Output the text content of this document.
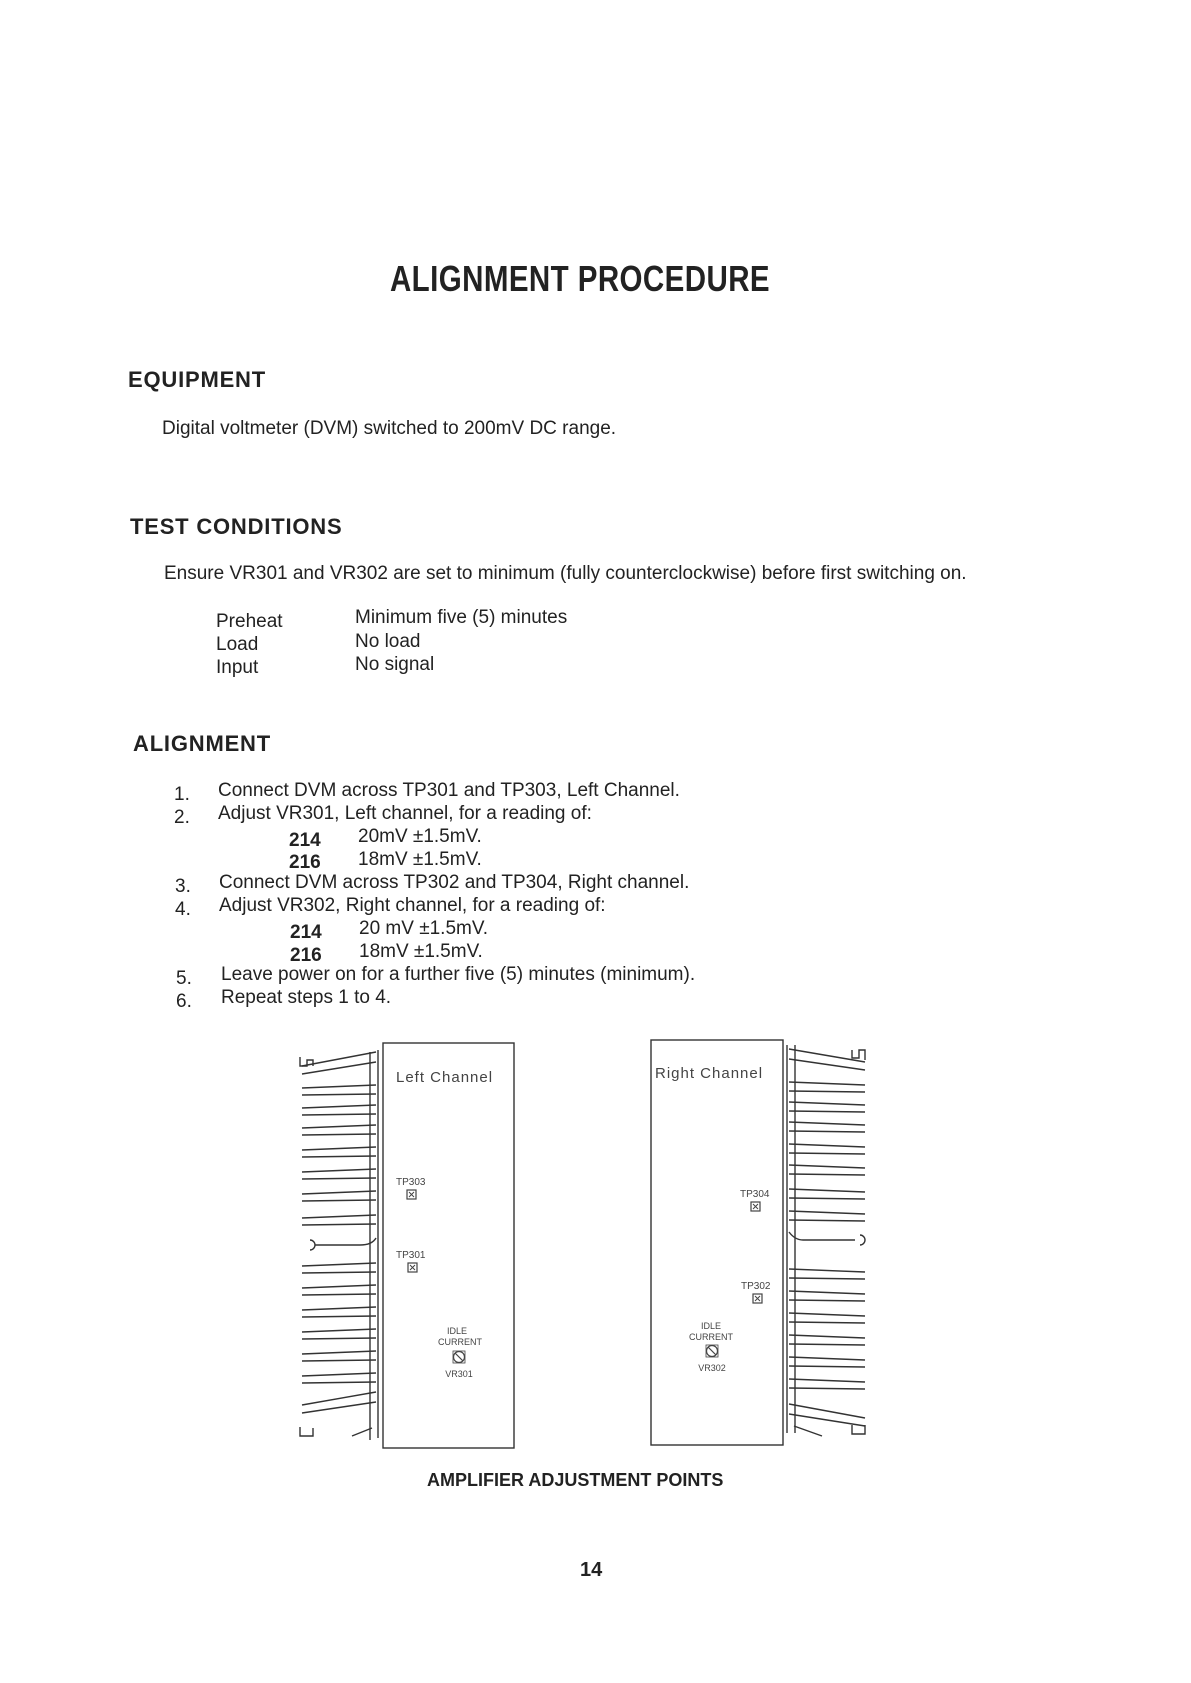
ALIGNMENT PROCEDURE
EQUIPMENT
Digital voltmeter (DVM) switched to 200mV DC range.
TEST CONDITIONS
Ensure VR301 and VR302 are set to minimum (fully counterclockwise) before first switching on.
Preheat	Minimum five (5) minutes
Load	No load
Input	No signal
ALIGNMENT
1. Connect DVM across TP301 and TP303, Left Channel.
2. Adjust VR301, Left channel, for a reading of:
214 20mV ±1.5mV.
216 18mV ±1.5mV.
3. Connect DVM across TP302 and TP304, Right channel.
4. Adjust VR302, Right channel, for a reading of:
214 20 mV ±1.5mV.
216 18mV ±1.5mV.
5. Leave power on for a further five (5) minutes (minimum).
6. Repeat steps 1 to 4.
Left Channel
TP303
TP301
IDLE
CURRENT
VR301
Right Channel
TP304
TP302
IDLE
CURRENT
VR302
AMPLIFIER ADJUSTMENT POINTS
14
